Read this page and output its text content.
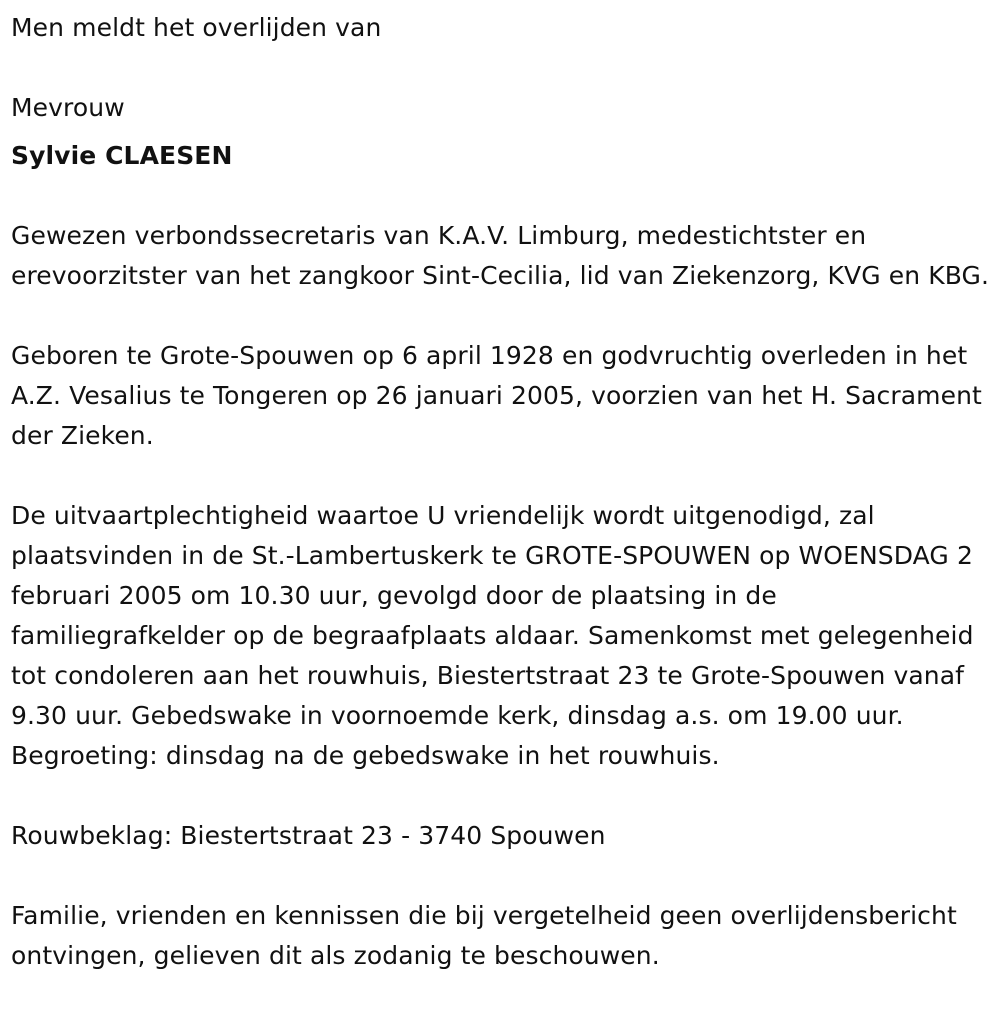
Men meldt het overlijden van

Mevrouw

Sylvie CLAESEN

Gewezen verbondssecretaris van K.A.V. Limburg, medestichtster en erevoorzitster van het zangkoor Sint-Cecilia, lid van Ziekenzorg, KVG en KBG.

Geboren te Grote-Spouwen op 6 april 1928 en godvruchtig overleden in het A.Z. Vesalius te Tongeren op 26 januari 2005, voorzien van het H. Sacrament der Zieken.

De uitvaartplechtigheid waartoe U vriendelijk wordt uitgenodigd, zal plaatsvinden in de St.-Lambertuskerk te GROTE-SPOUWEN op WOENSDAG 2 februari 2005 om 10.30 uur, gevolgd door de plaatsing in de familiegrafkelder op de begraafplaats aldaar. Samenkomst met gelegenheid tot condoleren aan het rouwhuis, Biestertstraat 23 te Grote-Spouwen vanaf 9.30 uur. Gebedswake in voornoemde kerk, dinsdag a.s. om 19.00 uur. Begroeting: dinsdag na de gebedswake in het rouwhuis.

Rouwbeklag: Biestertstraat 23 - 3740 Spouwen

Familie, vrienden en kennissen die bij vergetelheid geen overlijdensbericht ontvingen, gelieven dit als zodanig te beschouwen.
